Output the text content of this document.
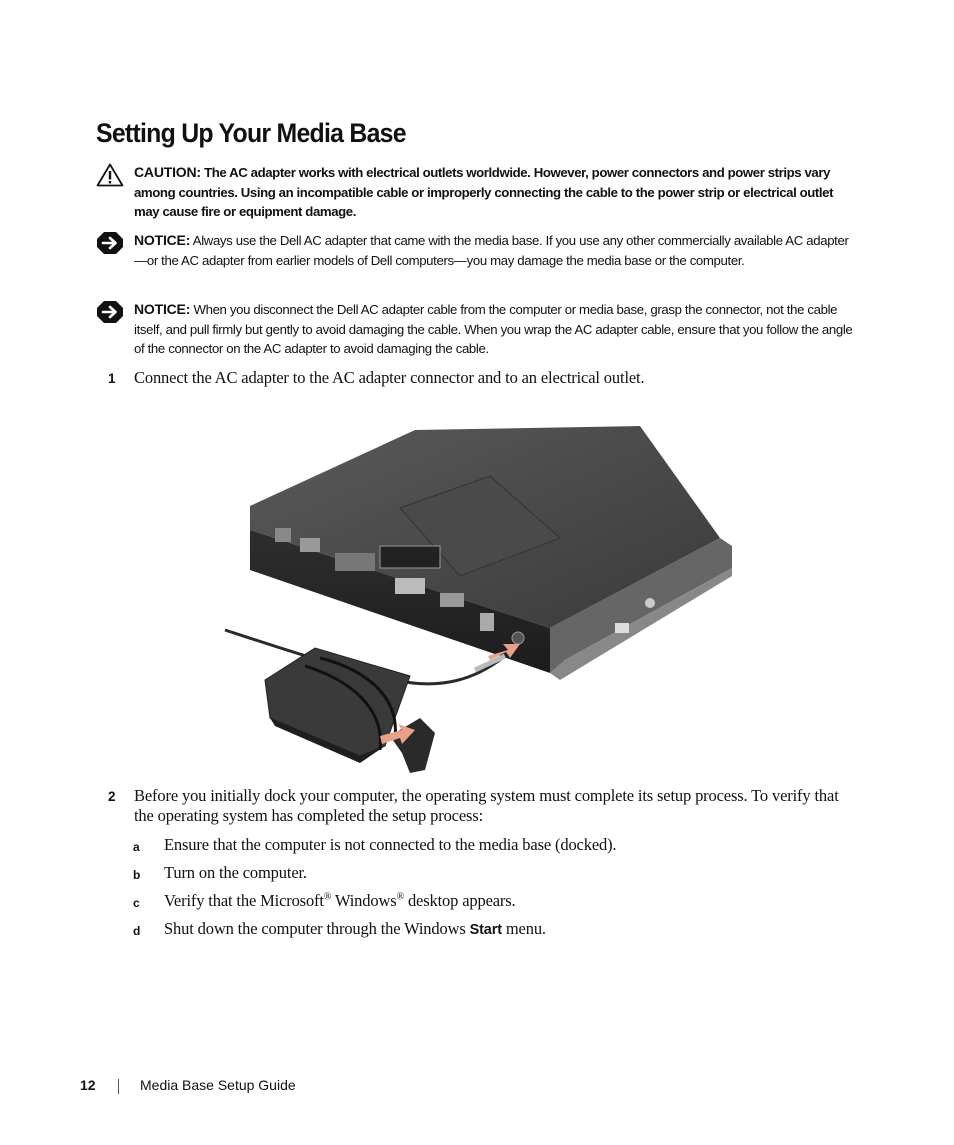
Setting Up Your Media Base
CAUTION: The AC adapter works with electrical outlets worldwide. However, power connectors and power strips vary among countries. Using an incompatible cable or improperly connecting the cable to the power strip or electrical outlet may cause fire or equipment damage.
NOTICE: Always use the Dell AC adapter that came with the media base. If you use any other commercially available AC adapter—or the AC adapter from earlier models of Dell computers—you may damage the media base or the computer.
NOTICE: When you disconnect the Dell AC adapter cable from the computer or media base, grasp the connector, not the cable itself, and pull firmly but gently to avoid damaging the cable. When you wrap the AC adapter cable, ensure that you follow the angle of the connector on the AC adapter to avoid damaging the cable.
1 Connect the AC adapter to the AC adapter connector and to an electrical outlet.
2 Before you initially dock your computer, the operating system must complete its setup process. To verify that the operating system has completed the setup process:
a Ensure that the computer is not connected to the media base (docked).
b Turn on the computer.
c Verify that the Microsoft® Windows® desktop appears.
d Shut down the computer through the Windows Start menu.
12	Media Base Setup Guide
